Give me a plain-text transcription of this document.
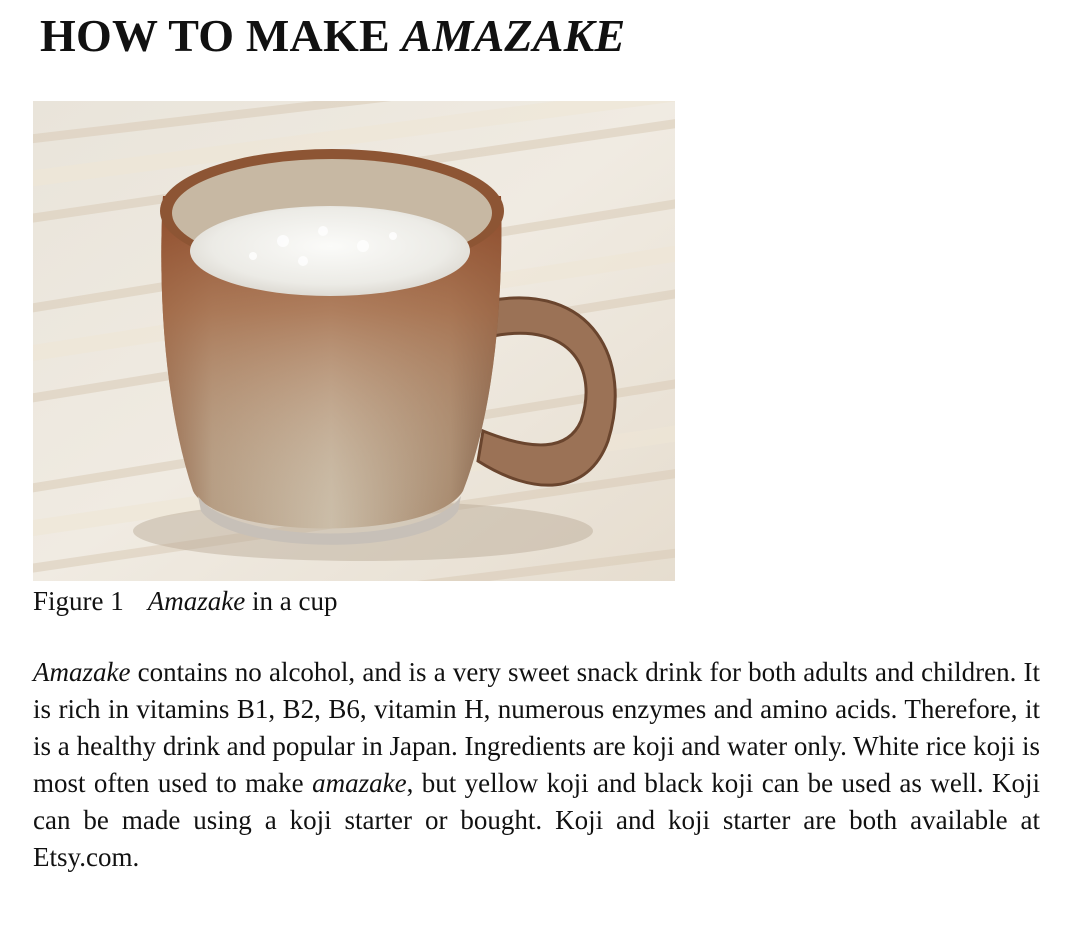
HOW TO MAKE AMAZAKE
Figure 1 Amazake in a cup

Amazake contains no alcohol, and is a very sweet snack drink for both adults and children. It is rich in vitamins B1, B2, B6, vitamin H, numerous enzymes and amino acids. Therefore, it is a healthy drink and popular in Japan. Ingredients are koji and water only. White rice koji is most often used to make amazake, but yellow koji and black koji can be used as well. Koji can be made using a koji starter or bought. Koji and koji starter are both available at Etsy.com.
